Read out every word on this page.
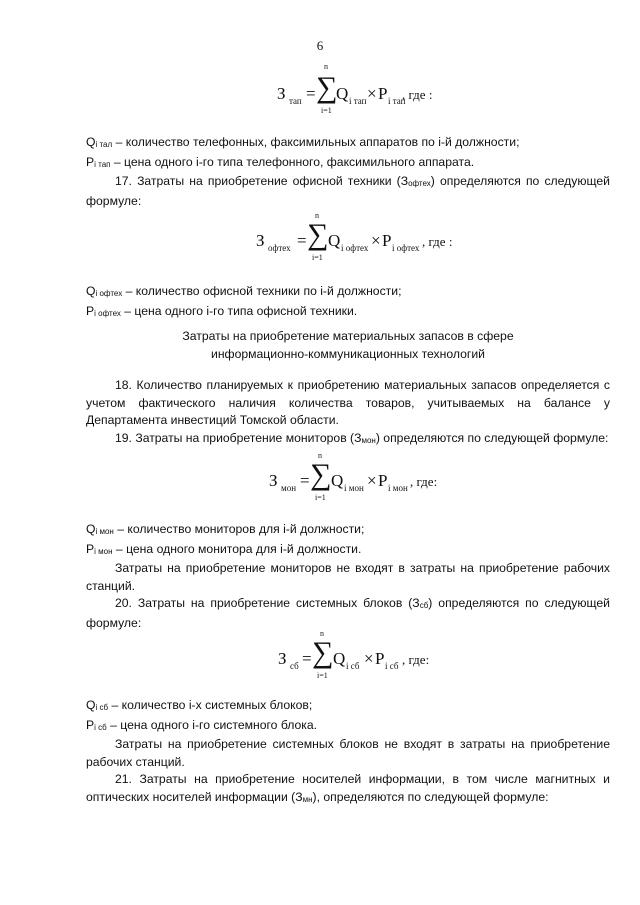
6
З тап =
n
∑
i=1
Q i тап × P i тап
, где :

Qi тал – количество телефонных, факсимильных аппаратов по i-й должности;

Pi тап – цена одного i-го типа телефонного, факсимильного аппарата.

17. Затраты на приобретение офисной техники (Зофтех) определяются по следующей формуле:

З офтех =
n
∑
i=1
Q i офтех × P i офтех , где :

Qi офтех – количество офисной техники по i-й должности;

Pi офтех – цена одного i-го типа офисной техники.

Затраты на приобретение материальных запасов в сфере

информационно-коммуникационных технологий

18. Количество планируемых к приобретению материальных запасов определяется с учетом фактического наличия количества товаров, учитываемых на балансе у Департамента инвестиций Томской области.

19. Затраты на приобретение мониторов (Змон) определяются по следующей формуле:

З мон =
n
∑
i=1
Q i мон × P i мон , где:

Qi мон – количество мониторов для i-й должности;

Pi мон – цена одного монитора для i-й должности.

Затраты на приобретение мониторов не входят в затраты на приобретение рабочих станций.

20. Затраты на приобретение системных блоков (Зсб) определяются по следующей формуле:

З сб =
n
∑
i=1
Q i сб × P i сб , где:

Qi сб – количество i-х системных блоков;

Pi сб – цена одного i-го системного блока.

Затраты на приобретение системных блоков не входят в затраты на приобретение рабочих станций.

21. Затраты на приобретение носителей информации, в том числе магнитных и оптических носителей информации (Змн), определяются по следующей формуле:
